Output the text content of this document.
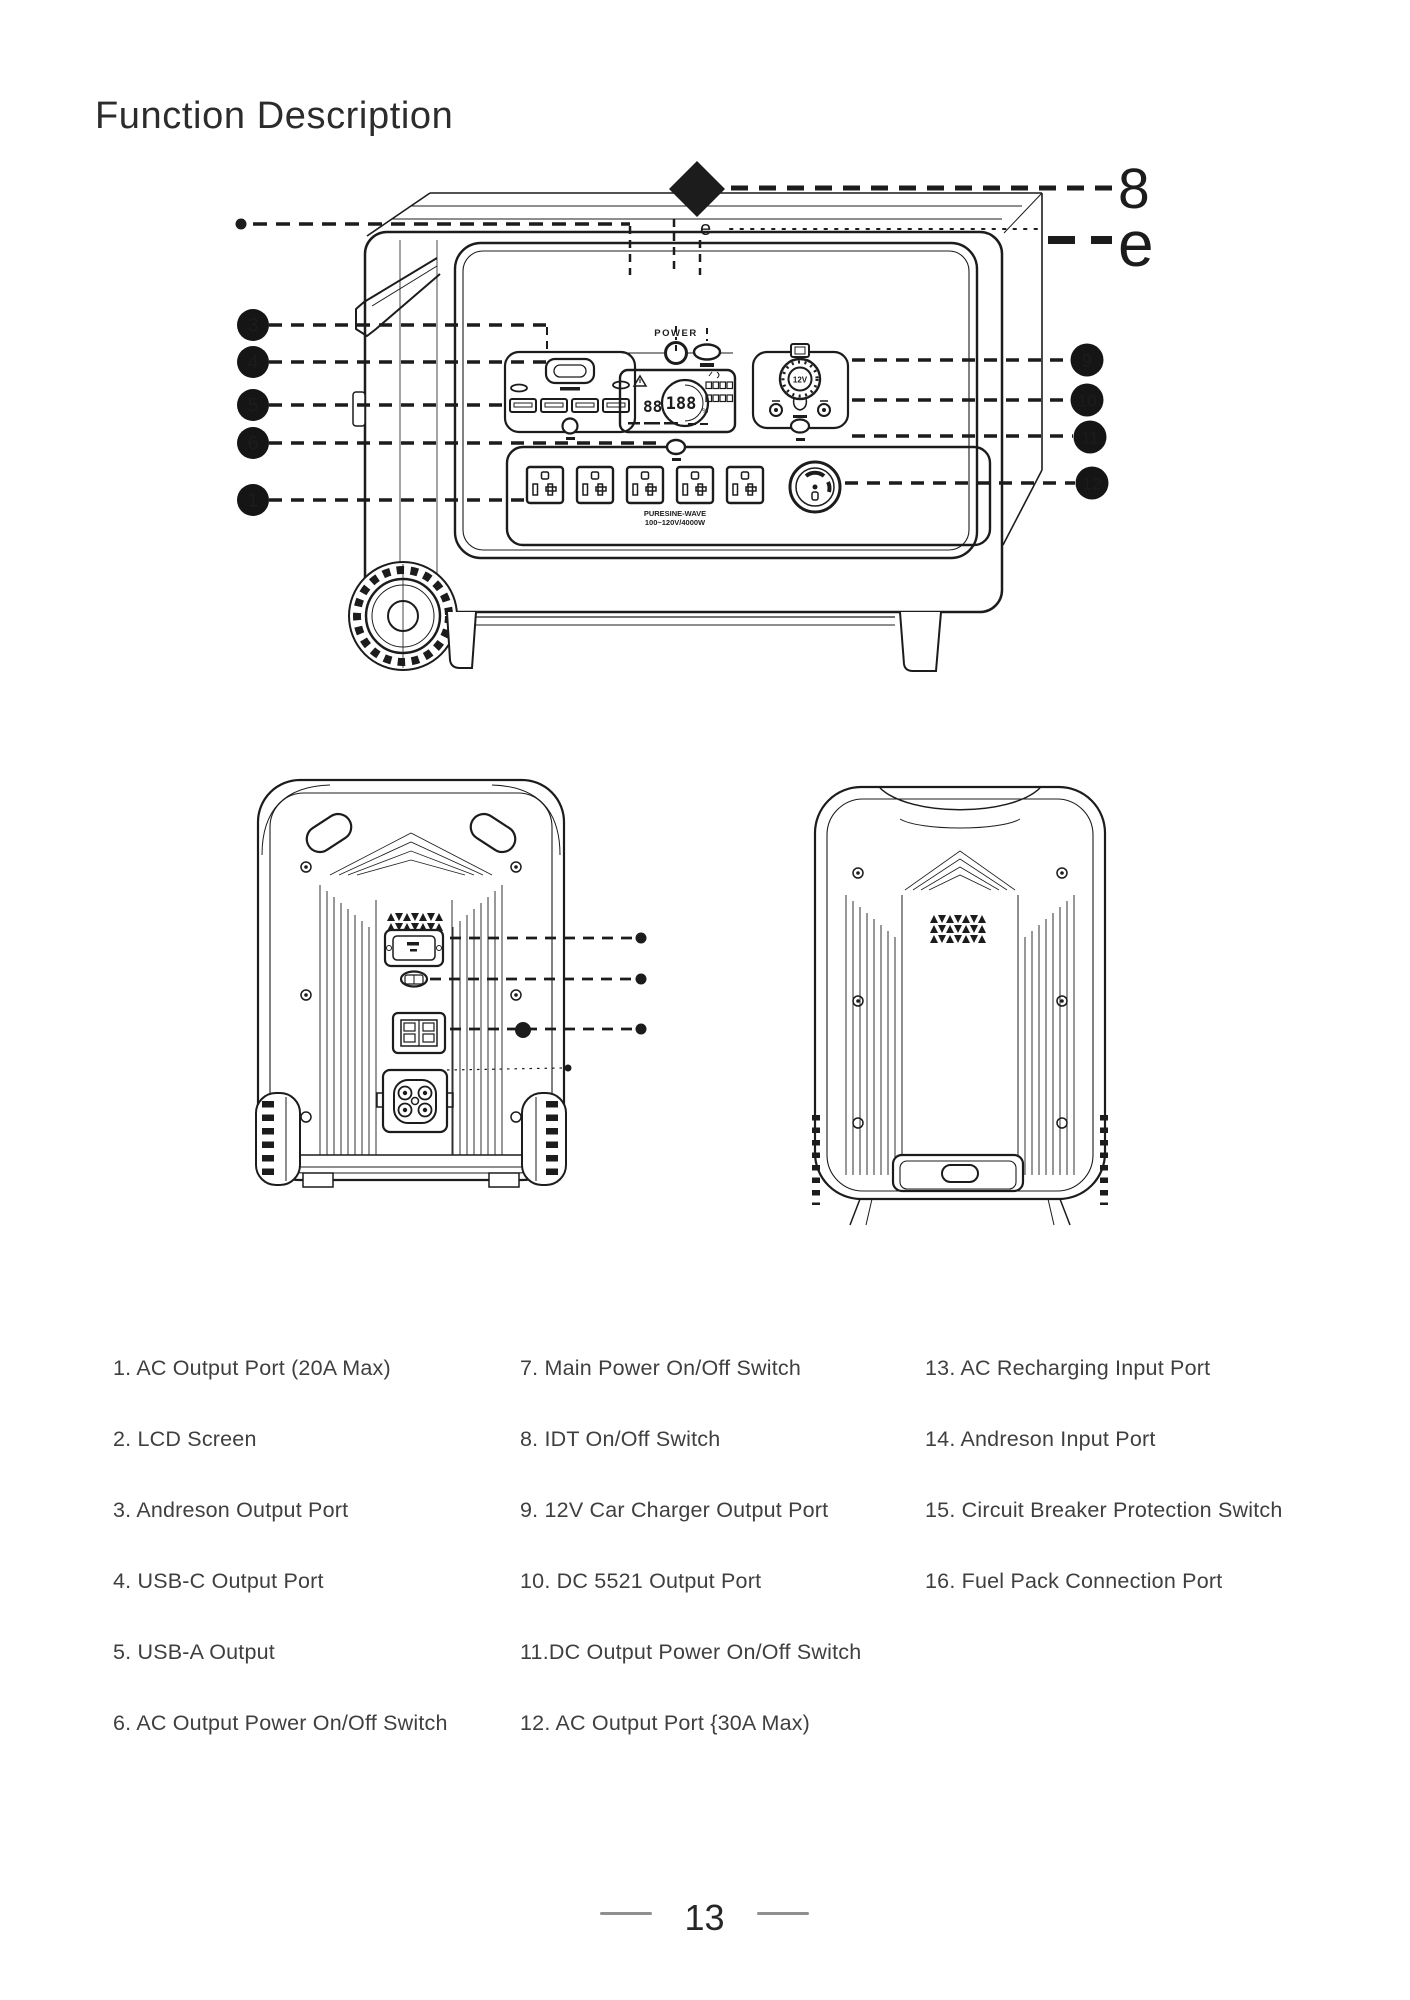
Function Description
?	8
e	e
POWER
88 188 %
12V
PURESINE-WAVE
100~120V/4000W
3
4
5
6
1
9
10
11
12
1. AC Output Port (20A Max)
2. LCD Screen
3. Andreson Output Port
4. USB-C Output Port
5. USB-A Output
6. AC Output Power On/Off Switch
7. Main Power On/Off Switch
8. IDT On/Off Switch
9. 12V Car Charger Output Port
10. DC 5521 Output Port
11.DC Output Power On/Off Switch
12. AC Output Port {30A Max)
13. AC Recharging Input Port
14. Andreson Input Port
15. Circuit Breaker Protection Switch
16. Fuel Pack Connection Port
13
